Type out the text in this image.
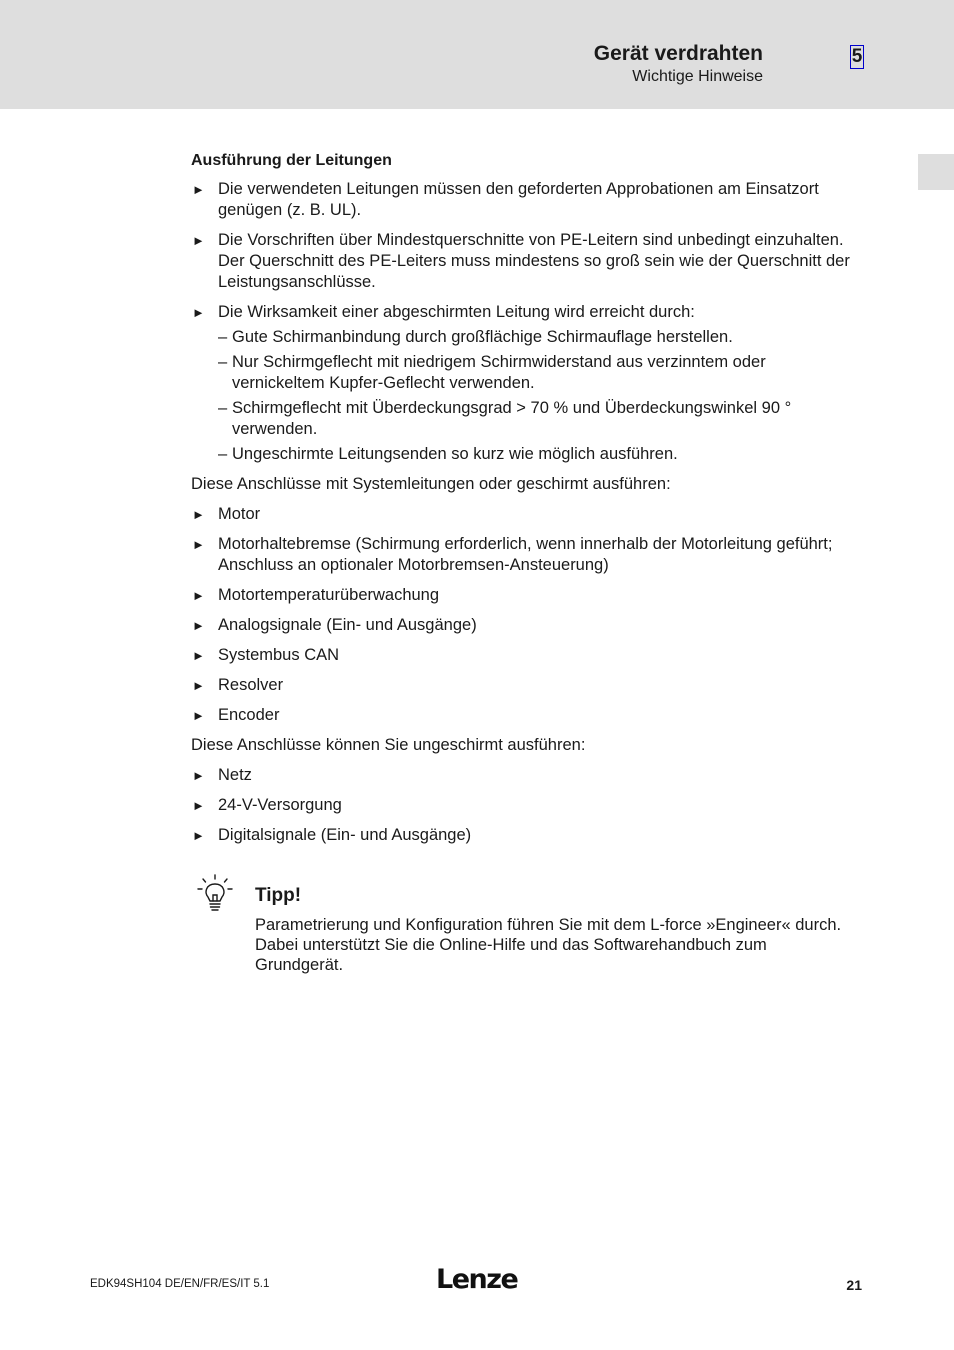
Gerät verdrahten
Wichtige Hinweise
5
Ausführung der Leitungen
► Die verwendeten Leitungen müssen den geforderten Approbationen am Einsatzort genügen (z. B. UL).
► Die Vorschriften über Mindestquerschnitte von PE-Leitern sind unbedingt einzuhalten. Der Querschnitt des PE-Leiters muss mindestens so groß sein wie der Querschnitt der Leistungsanschlüsse.
► Die Wirksamkeit einer abgeschirmten Leitung wird erreicht durch:
– Gute Schirmanbindung durch großflächige Schirmauflage herstellen.
– Nur Schirmgeflecht mit niedrigem Schirmwiderstand aus verzinntem oder vernickeltem Kupfer-Geflecht verwenden.
– Schirmgeflecht mit Überdeckungsgrad > 70 % und Überdeckungswinkel 90 ° verwenden.
– Ungeschirmte Leitungsenden so kurz wie möglich ausführen.

Diese Anschlüsse mit Systemleitungen oder geschirmt ausführen:

► Motor
► Motorhaltebremse (Schirmung erforderlich, wenn innerhalb der Motorleitung geführt; Anschluss an optionaler Motorbremsen-Ansteuerung)
► Motortemperaturüberwachung
► Analogsignale (Ein- und Ausgänge)
► Systembus CAN
► Resolver
► Encoder

Diese Anschlüsse können Sie ungeschirmt ausführen:

► Netz
► 24-V-Versorgung
► Digitalsignale (Ein- und Ausgänge)
Tipp!
Parametrierung und Konfiguration führen Sie mit dem L-force »Engineer« durch. Dabei unterstützt Sie die Online-Hilfe und das Softwarehandbuch zum Grundgerät.
EDK94SH104 DE/EN/FR/ES/IT 5.1	Lenze	21
